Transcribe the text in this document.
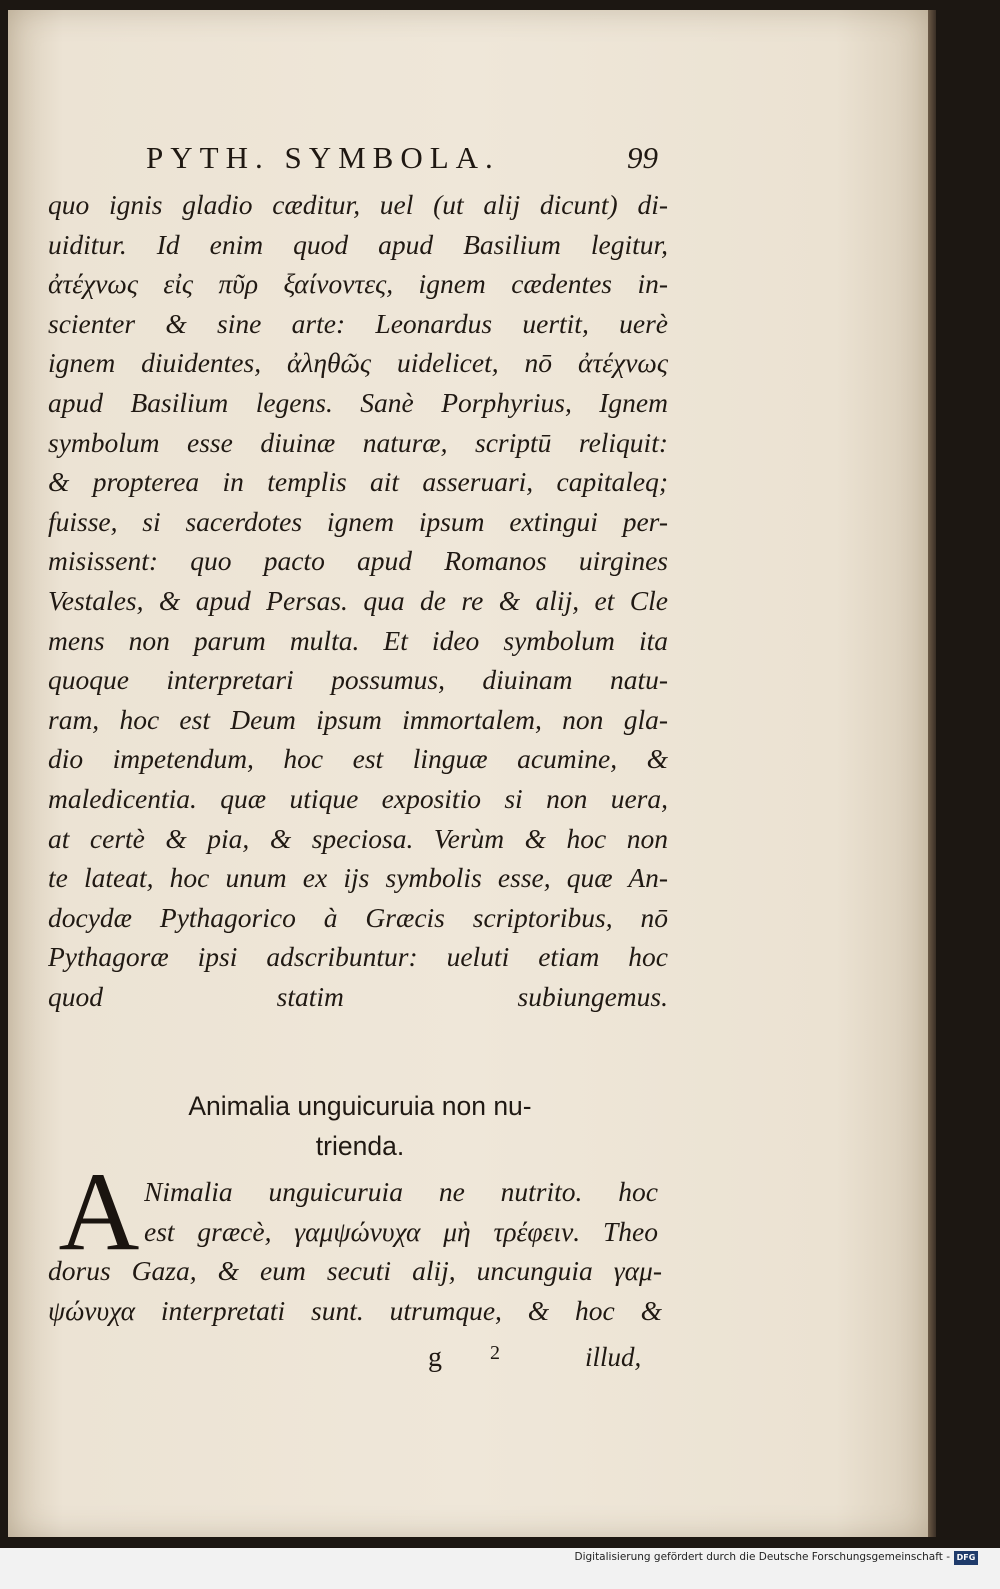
PYTH. SYMBOLA.	99
quo ignis gladio cæditur, uel (ut alij dicunt) di-
uiditur. Id enim quod apud Basilium legitur,
ἀτέχνως εἰς πῦρ ξαίνοντες, ignem cædentes in-
scienter & sine arte: Leonardus uertit, uerè
ignem diuidentes, ἀληθῶς uidelicet, nō ἀτέχνως
apud Basilium legens. Sanè Porphyrius, Ignem
symbolum esse diuinæ naturæ, scriptū reliquit:
& propterea in templis ait asseruari, capitaleq;
fuisse, si sacerdotes ignem ipsum extingui per-
misissent: quo pacto apud Romanos uirgines
Vestales, & apud Persas. qua de re & alij, et Cle
mens non parum multa. Et ideo symbolum ita
quoque interpretari possumus, diuinam natu-
ram, hoc est Deum ipsum immortalem, non gla-
dio impetendum, hoc est linguæ acumine, &
maledicentia. quæ utique expositio si non uera,
at certè & pia, & speciosa. Verùm & hoc non
te lateat, hoc unum ex ijs symbolis esse, quæ An-
docydæ Pythagorico à Græcis scriptoribus, nō
Pythagoræ ipsi adscribuntur: ueluti etiam hoc
quod statim subiungemus.
Animalia unguicuruia non nu-
trienda.
A Nimalia unguicuruia ne nutrito. hoc
est græcè, γαμψώνυχα μὴ τρέφειν. Theo
dorus Gaza, & eum secuti alij, uncunguia γαμ-
ψώνυχα interpretati sunt. utrumque, & hoc &
g	2	illud,
Digitalisierung gefördert durch die Deutsche Forschungsgemeinschaft - DFG
